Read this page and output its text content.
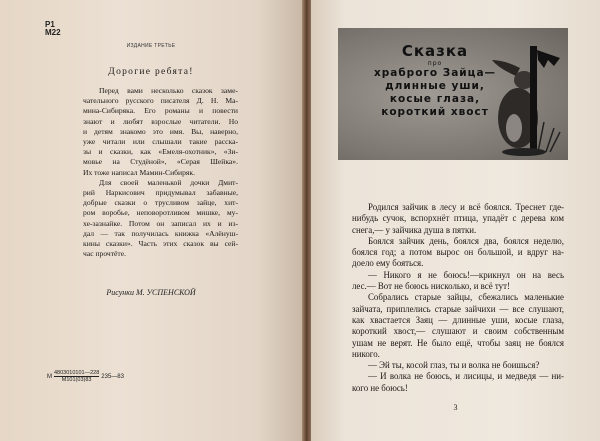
Р1
М22
ИЗДАНИЕ ТРЕТЬЕ
Дорогие ребята!
Перед вами несколько сказок заме-
чательного русского писателя Д. Н. Ма-
мина-Сибиряка. Его романы и повести
знают и любят взрослые читатели. Но
и детям знакомо это имя. Вы, наверно,
уже читали или слышали такие расска-
зы и сказки, как «Емеля-охотник», «Зи-
мовье на Студёной», «Серая Шейка».
Их тоже написал Мамин-Сибиряк.
Для своей маленькой дочки Дмит-
рий Наркисович придумывал забавные,
добрые сказки о трусливом зайце, хит-
ром воробье, неповоротливом мишке, му-
хе-зазнайке. Потом он записал их и из-
дал — так получилась книжка «Алёнуш-
кины сказки». Часть этих сказок вы сей-
час прочтёте.
Рисунки М. УСПЕНСКОЙ
М $\frac{4803010101—228}{М101(03)83}$ 235—83
Сказка
про
храброго Зайца—
длинные уши,
косые глаза,
короткий хвост
Родился зайчик в лесу и всё боялся. Треснет где-
нибудь сучок, вспорхнёт птица, упадёт с дерева ком
снега,— у зайчика душа в пятки.
Боялся зайчик день, боялся два, боялся неделю,
боялся год; а потом вырос он большой, и вдруг на-
доело ему бояться.
— Никого я не боюсь!—крикнул он на весь
лес.— Вот не боюсь нисколько, и всё тут!
Собрались старые зайцы, сбежались маленькие
зайчата, приплелись старые зайчихи — все слушают,
как хвастается Заяц — длинные уши, косые глаза,
короткий хвост,— слушают и своим собственным
ушам не верят. Не было ещё, чтобы заяц не боялся
никого.
— Эй ты, косой глаз, ты и волка не боишься?
— И волка не боюсь, и лисицы, и медведя — ни-
кого не боюсь!
3
